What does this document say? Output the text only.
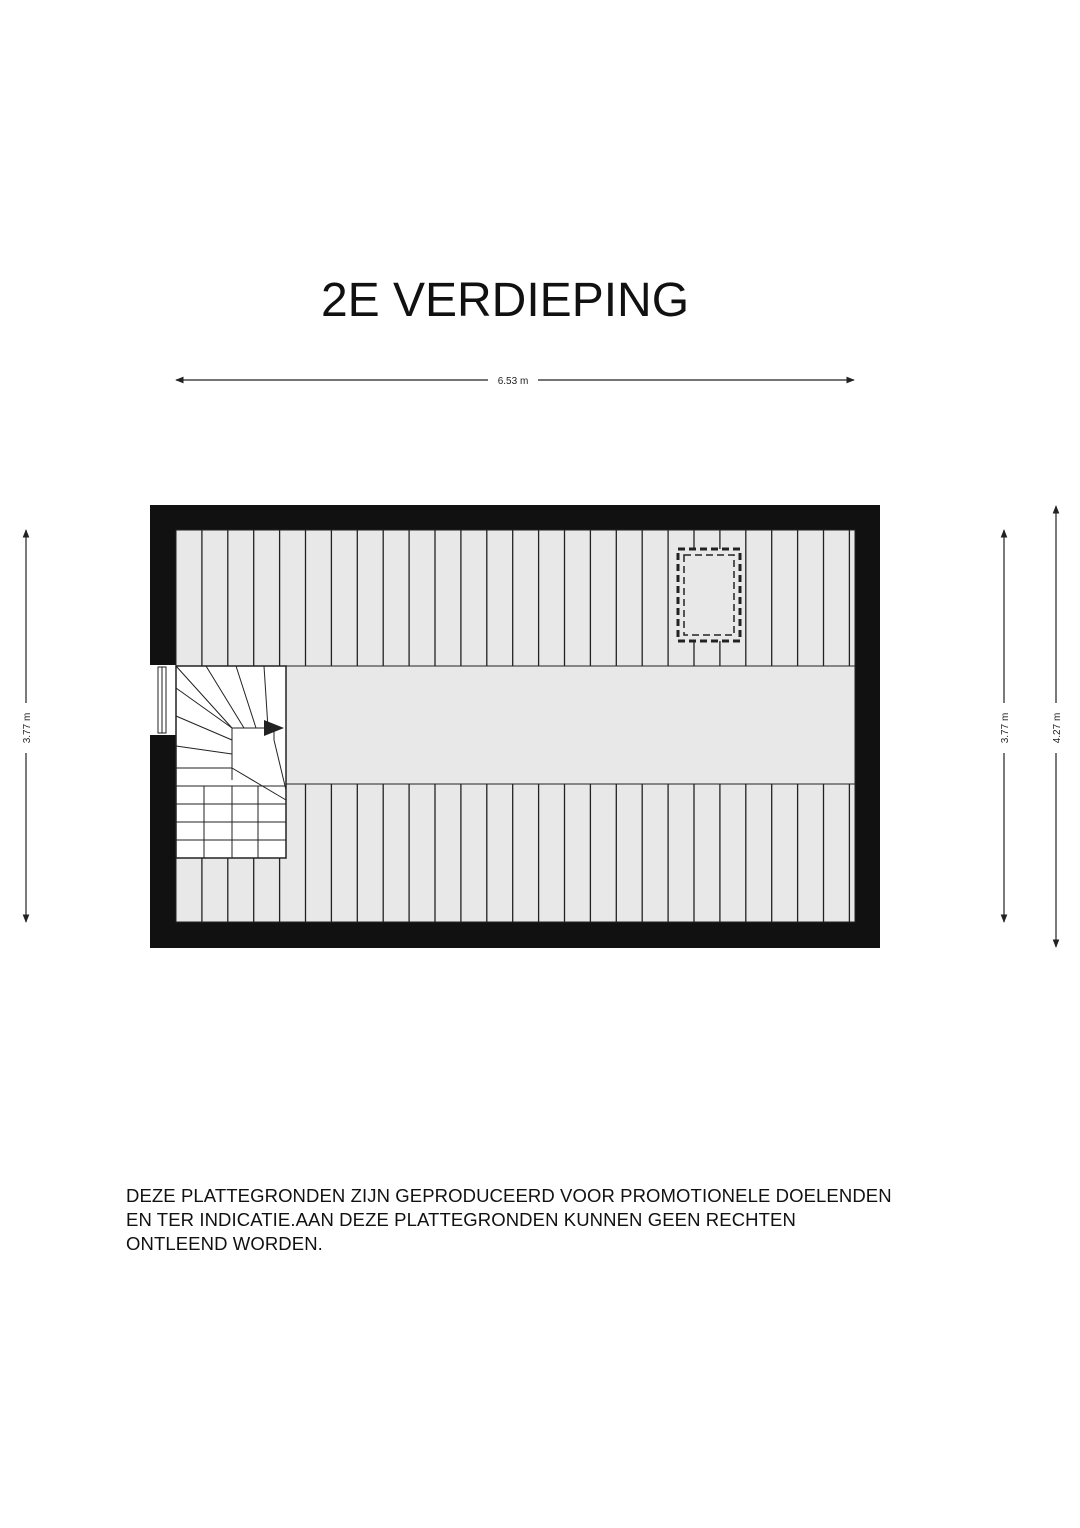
2E VERDIEPING
6.53 m
3.77 m	3.77 m	4.27 m
DEZE PLATTEGRONDEN ZIJN GEPRODUCEERD VOOR PROMOTIONELE DOELENDEN
EN TER INDICATIE.AAN DEZE PLATTEGRONDEN KUNNEN GEEN RECHTEN
ONTLEEND WORDEN.
